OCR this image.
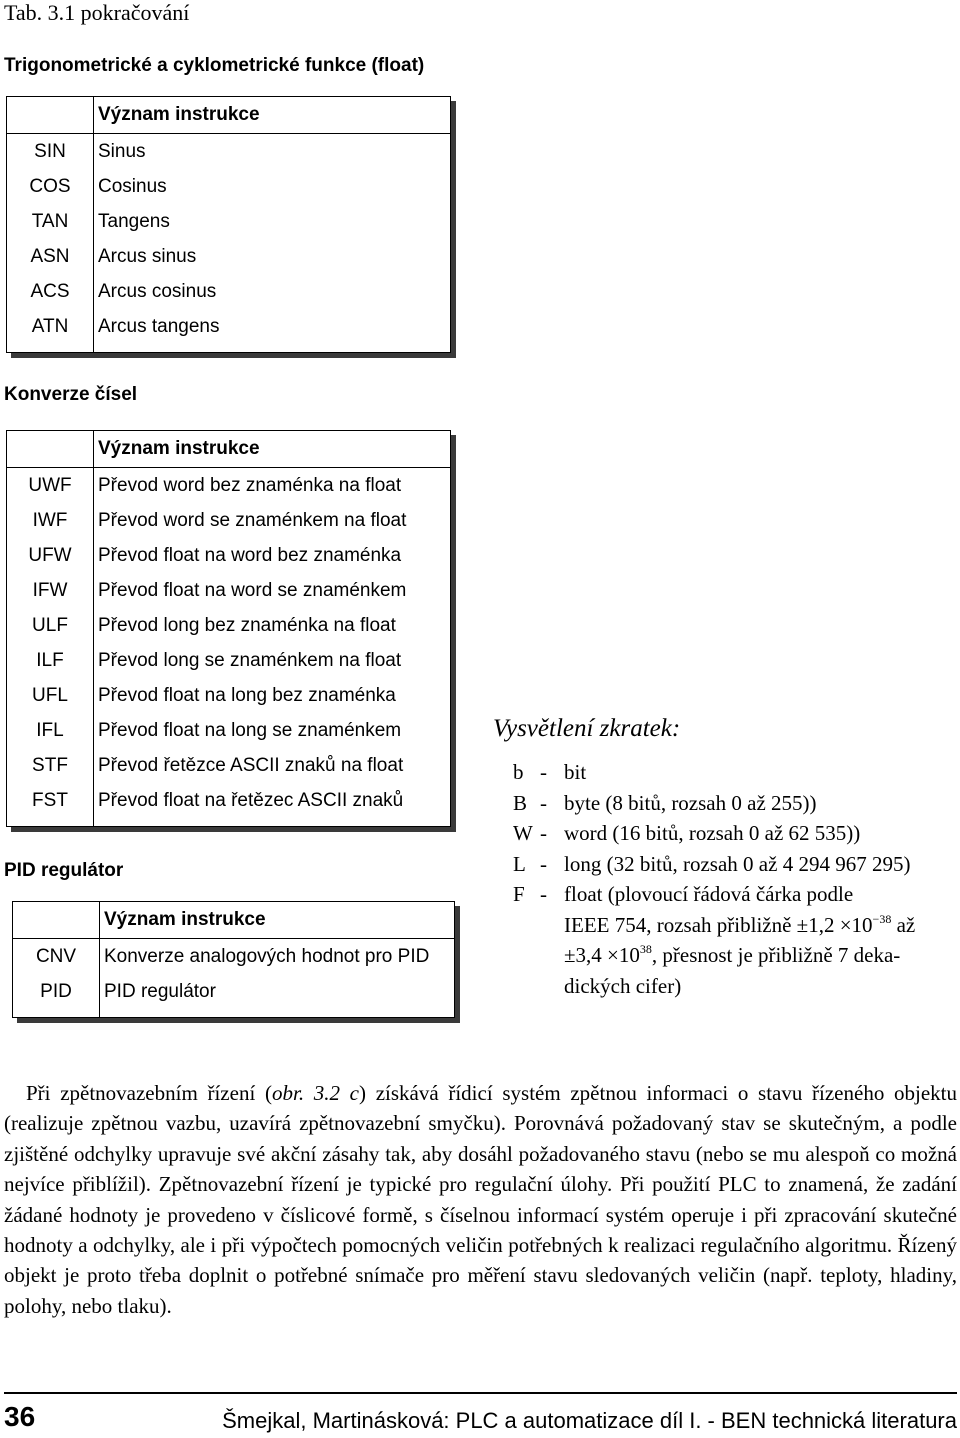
Tab. 3.1 pokračování
Trigonometrické a cyklometrické funkce (float)
	Význam instrukce
SIN	Sinus
COS	Cosinus
TAN	Tangens
ASN	Arcus sinus
ACS	Arcus cosinus
ATN	Arcus tangens

Konverze čísel
	Význam instrukce
UWF	Převod word bez znaménka na float
IWF	Převod word se znaménkem na float
UFW	Převod float na word bez znaménka
IFW	Převod float na word se znaménkem
ULF	Převod long bez znaménka na float
ILF	Převod long se znaménkem na float
UFL	Převod float na long bez znaménka
IFL	Převod float na long se znaménkem
STF	Převod řetězce ASCII znaků na float
FST	Převod float na řetězec ASCII znaků

PID regulátor
	Význam instrukce
CNV	Konverze analogových hodnot pro PID
PID	PID regulátor

Vysvětlení zkratek:
b - bit
B - byte (8 bitů, rozsah 0 až 255))
W - word (16 bitů, rozsah 0 až 62 535))
L - long (32 bitů, rozsah 0 až 4 294 967 295)
F - float (plovoucí řádová čárka podle
IEEE 754, rozsah přibližně $\pm 1,2 \times 10^{-38}$ až
$\pm 3,4 \times 10^{38}$, přesnost je přibližně 7 deka-
dických cifer)
Při zpětnovazebním řízení (obr. 3.2 c) získává řídicí systém zpětnou informaci o stavu řízeného objektu (realizuje zpětnou vazbu, uzavírá zpětnovazební smyčku). Porovnává požadovaný stav se skutečným, a podle zjištěné odchylky upravuje své akční zásahy tak, aby dosáhl požadovaného stavu (nebo se mu alespoň co možná nejvíce přiblížil). Zpětnovazební řízení je typické pro regulační úlohy. Při použití PLC to znamená, že zadání žádané hodnoty je provedeno v číslicové formě, s číselnou informací systém operuje i při zpracování skutečné hodnoty a odchylky, ale i při výpočtech pomocných veličin potřebných k realizaci regulačního algoritmu. Řízený objekt je proto třeba doplnit o potřebné snímače pro měření stavu sledovaných veličin (např. teploty, hladiny, polohy, nebo tlaku).
36	Šmejkal, Martinásková: PLC a automatizace díl I. - BEN technická literatura
